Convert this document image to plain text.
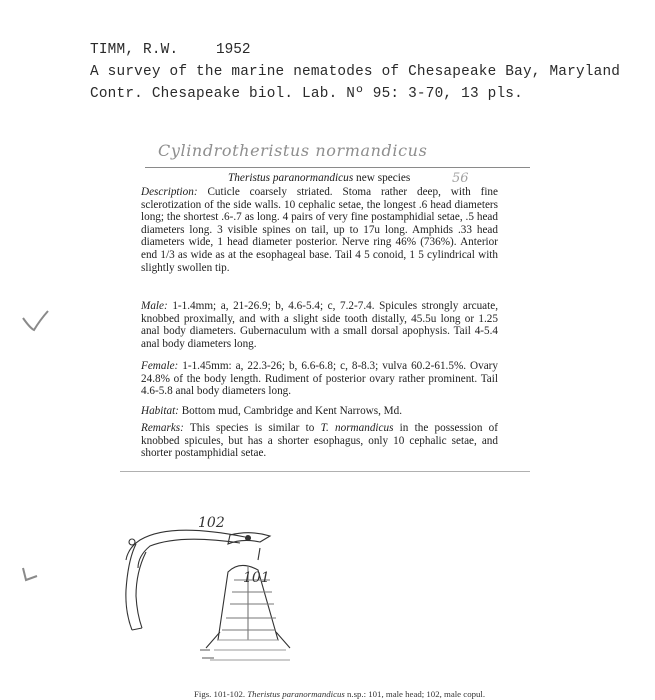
TIMM, R.W.	1952
A survey of the marine nematodes of Chesapeake Bay, Maryland
Contr. Chesapeake biol. Lab. Nº 95: 3-70, 13 pls.
Cylindrotheristus normandicus
Theristus paranormandicus new species	56
Description: Cuticle coarsely striated. Stoma rather deep, with fine sclerotization of the side walls. 10 cephalic setae, the longest .6 head diameters long; the shortest .6-.7 as long. 4 pairs of very fine postamphidial setae, .5 head diameters long. 3 visible spines on tail, up to 17u long. Amphids .33 head diameters wide, 1 head diameter posterior. Nerve ring 46% (736%). Anterior end 1/3 as wide as at the esophageal base. Tail 4 5 conoid, 1 5 cylindrical with slightly swollen tip.
Male: 1-1.4mm; a, 21-26.9; b, 4.6-5.4; c, 7.2-7.4. Spicules strongly arcuate, knobbed proximally, and with a slight side tooth distally, 45.5u long or 1.25 anal body diameters. Gubernaculum with a small dorsal apophysis. Tail 4-5.4 anal body diameters long.
Female: 1-1.45mm: a, 22.3-26; b, 6.6-6.8; c, 8-8.3; vulva 60.2-61.5%. Ovary 24.8% of the body length. Rudiment of posterior ovary rather prominent. Tail 4.6-5.8 anal body diameters long.
Habitat: Bottom mud, Cambridge and Kent Narrows, Md.
Remarks: This species is similar to T. normandicus in the possession of knobbed spicules, but has a shorter esophagus, only 10 cephalic setae, and shorter postamphidial setae.
102
101
Figs. 101-102. Theristus paranormandicus n.sp.: 101, male head; 102, male copul.
